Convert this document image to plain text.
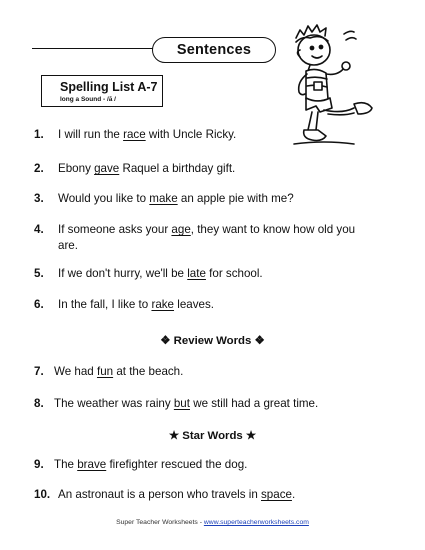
Sentences
Spelling List A-7
long a Sound - /ā /
1.	I will run the race with Uncle Ricky.
2.	Ebony gave Raquel a birthday gift.
3.	Would you like to make an apple pie with me?
4.	If someone asks your age, they want to know how old you are.
5.	If we don't hurry, we'll be late for school.
6.	In the fall, I like to rake leaves.
❖ Review Words ❖
7. We had fun at the beach.
8. The weather was rainy but we still had a great time.
★ Star Words ★
9. The brave firefighter rescued the dog.
10. An astronaut is a person who travels in space.
Super Teacher Worksheets - www.superteacherworksheets.com
